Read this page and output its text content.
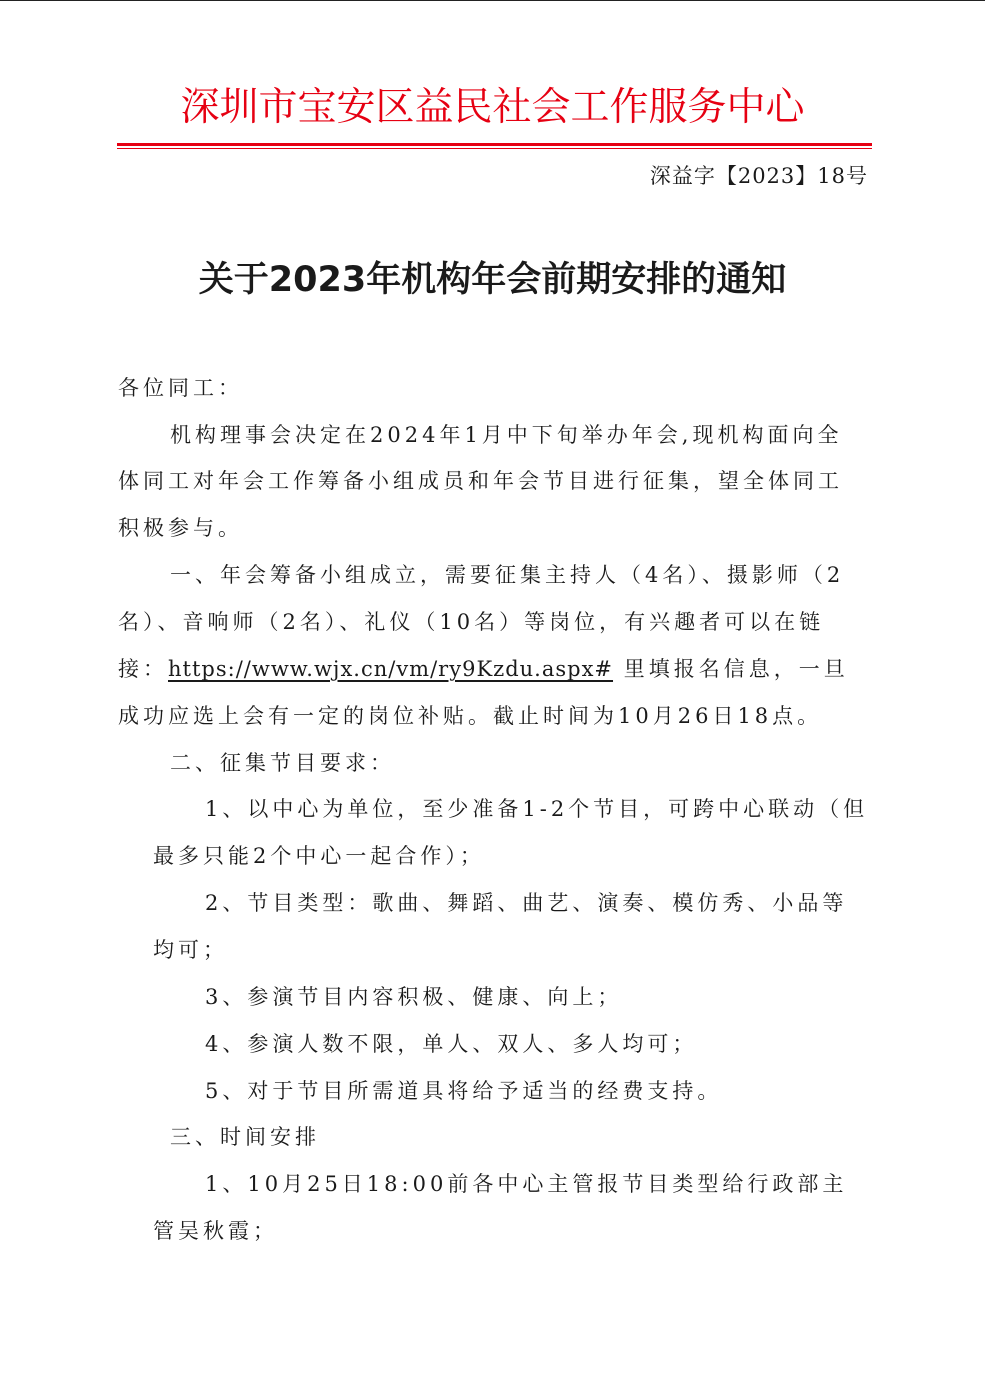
深圳市宝安区益民社会工作服务中心
深益字【2023】18号
关于2023年机构年会前期安排的通知
各位同工：
机构理事会决定在2024年1月中下旬举办年会,现机构面向全
体同工对年会工作筹备小组成员和年会节目进行征集，望全体同工
积极参与。
一、年会筹备小组成立，需要征集主持人（4名）、摄影师（2
名）、音响师（2名）、礼仪（10名）等岗位，有兴趣者可以在链
接：https://www.wjx.cn/vm/ry9Kzdu.aspx# 里填报名信息，一旦
成功应选上会有一定的岗位补贴。截止时间为10月26日18点。
二、征集节目要求：
1、以中心为单位，至少准备1-2个节目，可跨中心联动（但
最多只能2个中心一起合作）；
2、节目类型：歌曲、舞蹈、曲艺、演奏、模仿秀、小品等
均可；
3、参演节目内容积极、健康、向上；
4、参演人数不限，单人、双人、多人均可；
5、对于节目所需道具将给予适当的经费支持。
三、时间安排
1、10月25日18:00前各中心主管报节目类型给行政部主
管吴秋霞；
